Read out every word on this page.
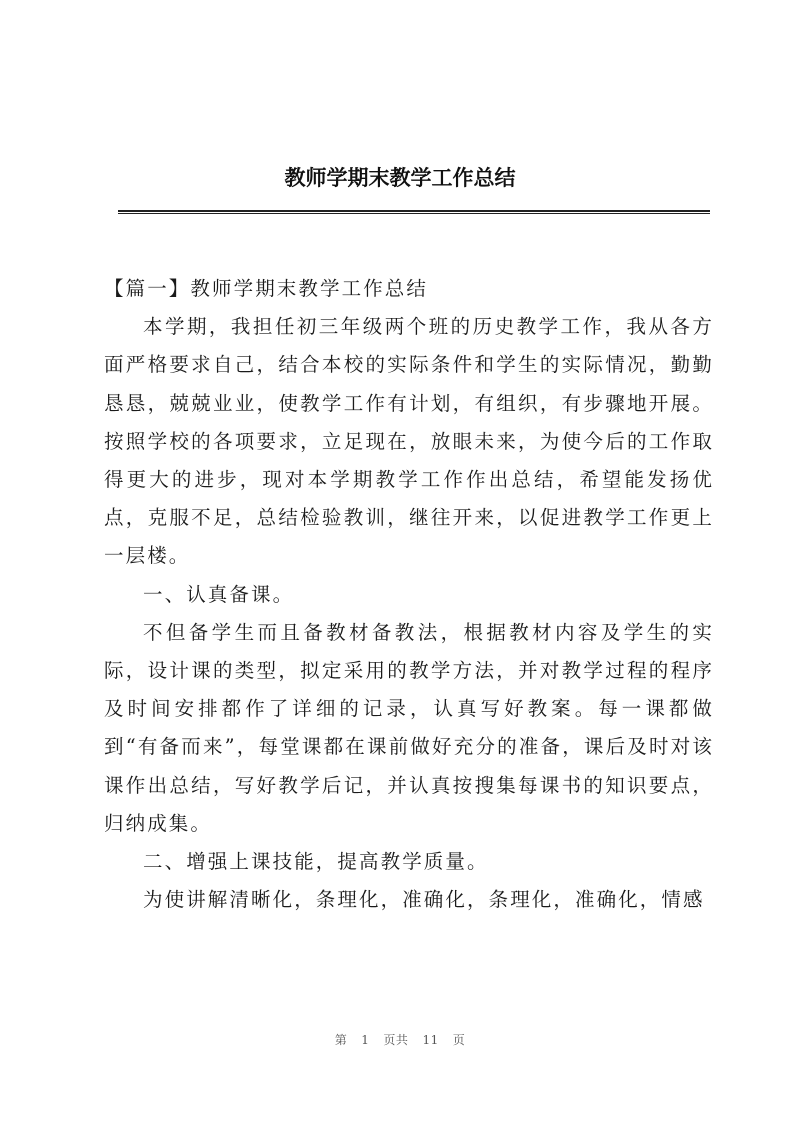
教师学期末教学工作总结

【篇一】教师学期末教学工作总结

本学期，我担任初三年级两个班的历史教学工作，我从各方面严格要求自己，结合本校的实际条件和学生的实际情况，勤勤恳恳，兢兢业业，使教学工作有计划，有组织，有步骤地开展。按照学校的各项要求，立足现在，放眼未来，为使今后的工作取得更大的进步，现对本学期教学工作作出总结，希望能发扬优点，克服不足，总结检验教训，继往开来，以促进教学工作更上一层楼。

一、认真备课。

不但备学生而且备教材备教法，根据教材内容及学生的实际，设计课的类型，拟定采用的教学方法，并对教学过程的程序及时间安排都作了详细的记录，认真写好教案。每一课都做到“有备而来”，每堂课都在课前做好充分的准备，课后及时对该课作出总结，写好教学后记，并认真按搜集每课书的知识要点，归纳成集。

二、增强上课技能，提高教学质量。

为使讲解清晰化，条理化，准确化，条理化，准确化，情感

第 1 页共 11 页
